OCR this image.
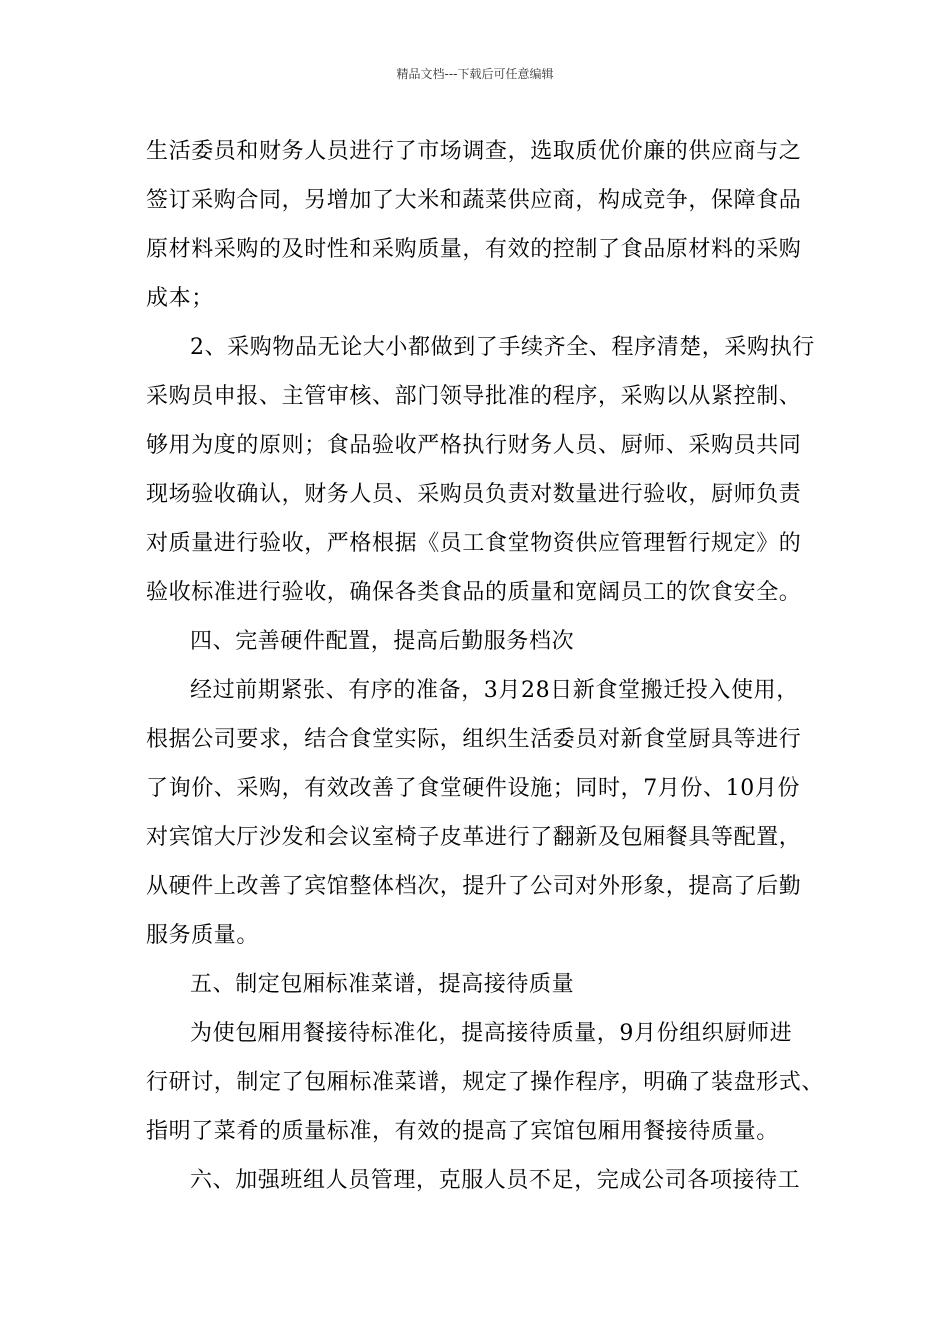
精品文档---下载后可任意编辑
生活委员和财务人员进行了市场调查，选取质优价廉的供应商与之
签订采购合同，另增加了大米和蔬菜供应商，构成竞争，保障食品
原材料采购的及时性和采购质量，有效的控制了食品原材料的采购
成本；
2、采购物品无论大小都做到了手续齐全、程序清楚，采购执行
采购员申报、主管审核、部门领导批准的程序，采购以从紧控制、
够用为度的原则；食品验收严格执行财务人员、厨师、采购员共同
现场验收确认，财务人员、采购员负责对数量进行验收，厨师负责
对质量进行验收，严格根据《员工食堂物资供应管理暂行规定》的
验收标准进行验收，确保各类食品的质量和宽阔员工的饮食安全。
四、完善硬件配置，提高后勤服务档次
经过前期紧张、有序的准备，3月28日新食堂搬迁投入使用，
根据公司要求，结合食堂实际，组织生活委员对新食堂厨具等进行
了询价、采购，有效改善了食堂硬件设施；同时，7月份、10月份
对宾馆大厅沙发和会议室椅子皮革进行了翻新及包厢餐具等配置，
从硬件上改善了宾馆整体档次，提升了公司对外形象，提高了后勤
服务质量。
五、制定包厢标准菜谱，提高接待质量
为使包厢用餐接待标准化，提高接待质量，9月份组织厨师进
行研讨，制定了包厢标准菜谱，规定了操作程序，明确了装盘形式、
指明了菜肴的质量标准，有效的提高了宾馆包厢用餐接待质量。
六、加强班组人员管理，克服人员不足，完成公司各项接待工
